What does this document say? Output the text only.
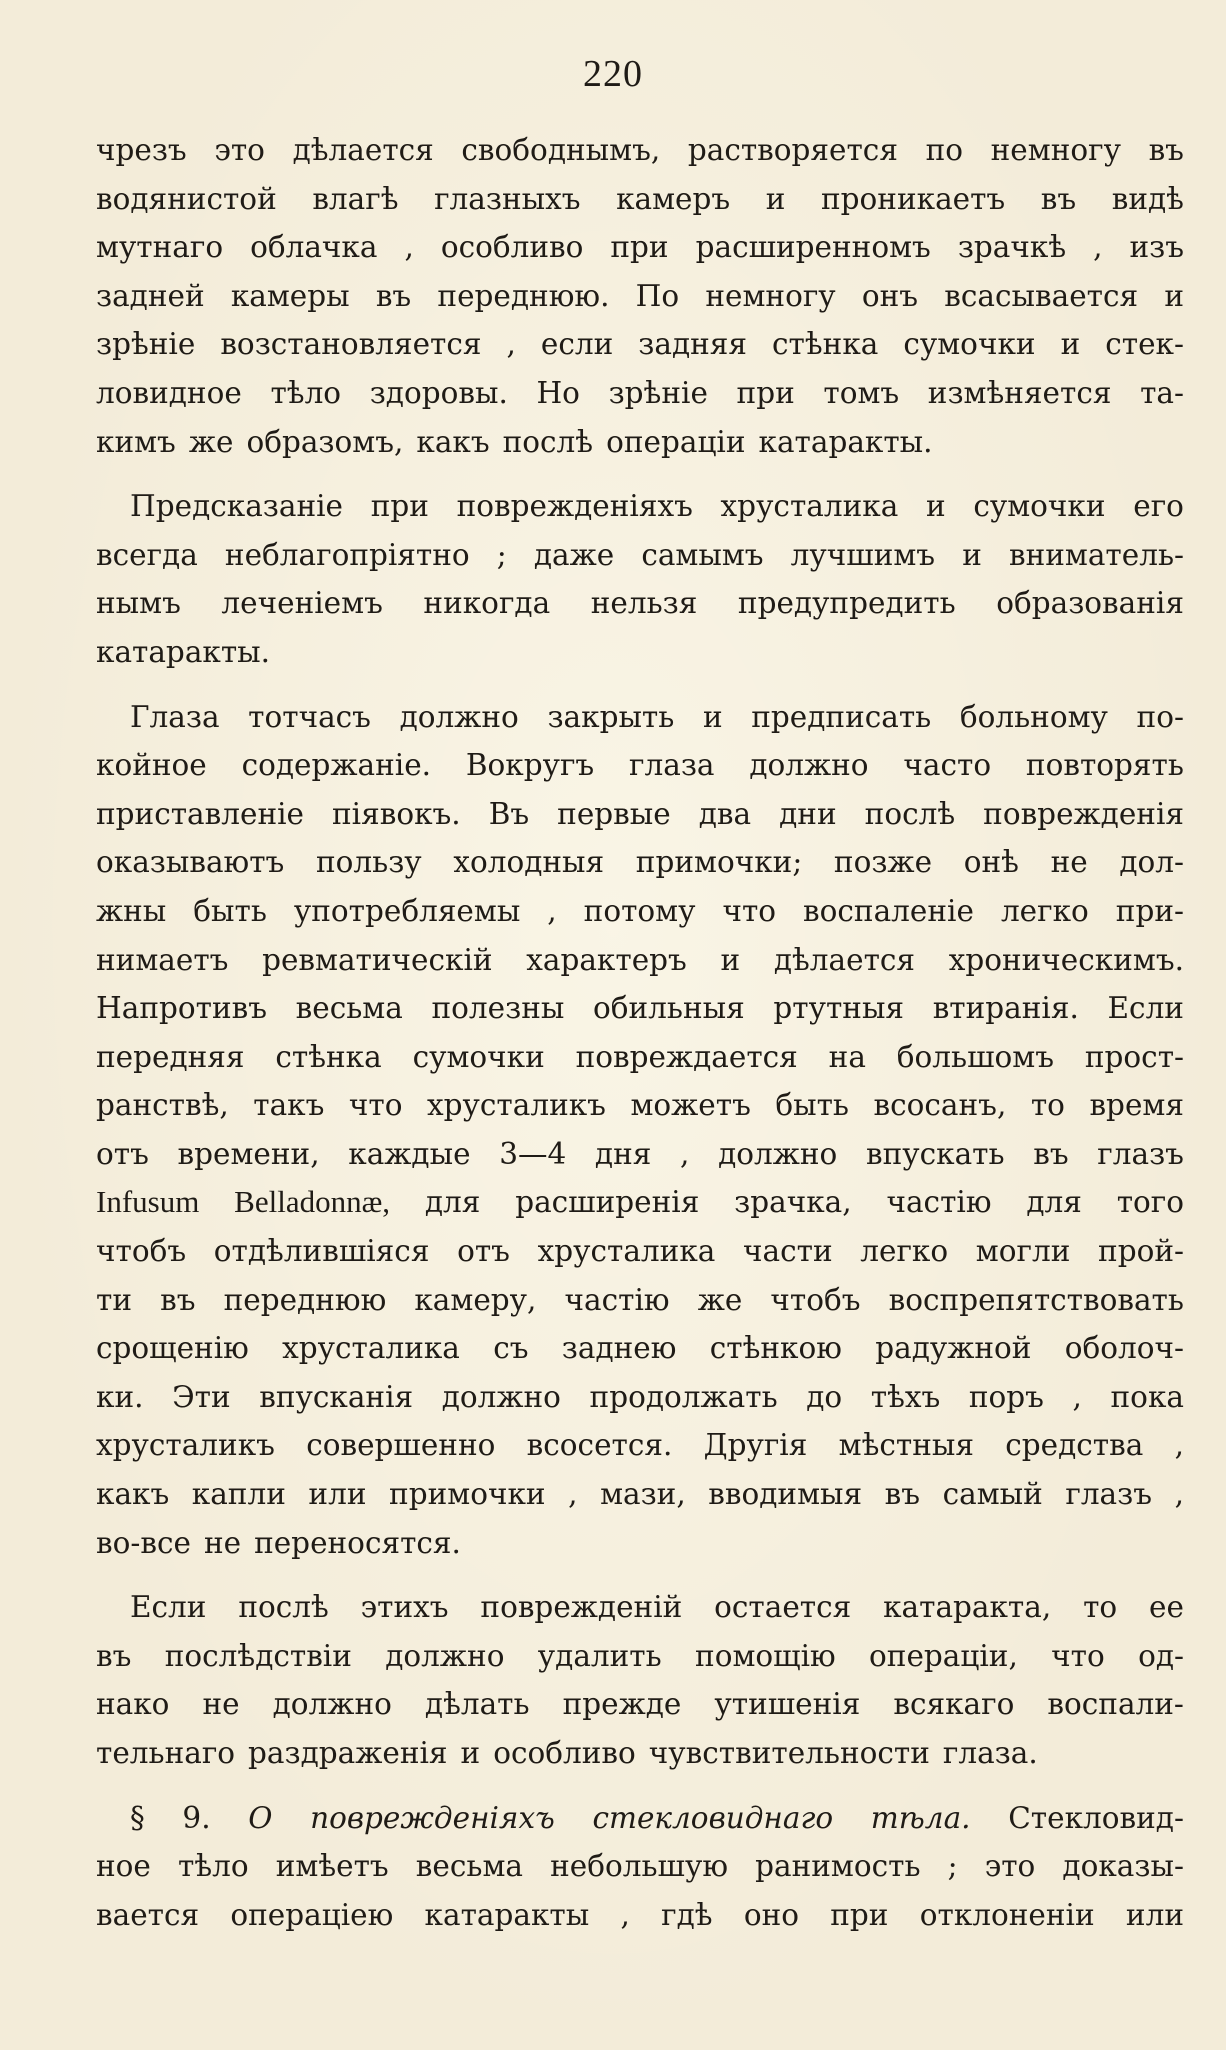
220
чрезъ это дѣлается свободнымъ, растворяется по немногу въ
водянистой влагѣ глазныхъ камеръ и проникаетъ въ видѣ
мутнаго облачка , особливо при расширенномъ зрачкѣ , изъ
задней камеры въ переднюю. По немногу онъ всасывается и
зрѣніе возстановляется , если задняя стѣнка сумочки и стек-
ловидное тѣло здоровы. Но зрѣніе при томъ измѣняется та-
кимъ же образомъ, какъ послѣ операціи катаракты.
Предсказаніе при поврежденіяхъ хрусталика и сумочки его
всегда неблагопріятно ; даже самымъ лучшимъ и вниматель-
нымъ леченіемъ никогда нельзя предупредить образованія
катаракты.
Глаза тотчасъ должно закрыть и предписать больному по-
койное содержаніе. Вокругъ глаза должно часто повторять
приставленіе піявокъ. Въ первые два дни послѣ поврежденія
оказываютъ пользу холодныя примочки; позже онѣ не дол-
жны быть употребляемы , потому что воспаленіе легко при-
нимаетъ ревматическій характеръ и дѣлается хроническимъ.
Напротивъ весьма полезны обильныя ртутныя втиранія. Если
передняя стѣнка сумочки повреждается на большомъ прост-
ранствѣ, такъ что хрусталикъ можетъ быть всосанъ, то время
отъ времени, каждые 3—4 дня , должно впускать въ глазъ
Infusum Belladonnæ, для расширенія зрачка, частію для того
чтобъ отдѣлившіяся отъ хрусталика части легко могли прой-
ти въ переднюю камеру, частію же чтобъ воспрепятствовать
срощенію хрусталика съ заднею стѣнкою радужной оболоч-
ки. Эти впусканія должно продолжать до тѣхъ поръ , пока
хрусталикъ совершенно всосется. Другія мѣстныя средства ,
какъ капли или примочки , мази, вводимыя въ самый глазъ ,
во-все не переносятся.
Если послѣ этихъ поврежденій остается катаракта, то ее
въ послѣдствіи должно удалить помощію операціи, что од-
нако не должно дѣлать прежде утишенія всякаго воспали-
тельнаго раздраженія и особливо чувствительности глаза.
§ 9. О поврежденіяхъ стекловиднаго тѣла. Стекловид-
ное тѣло имѣетъ весьма небольшую ранимость ; это доказы-
вается операціею катаракты , гдѣ оно при отклоненіи или
